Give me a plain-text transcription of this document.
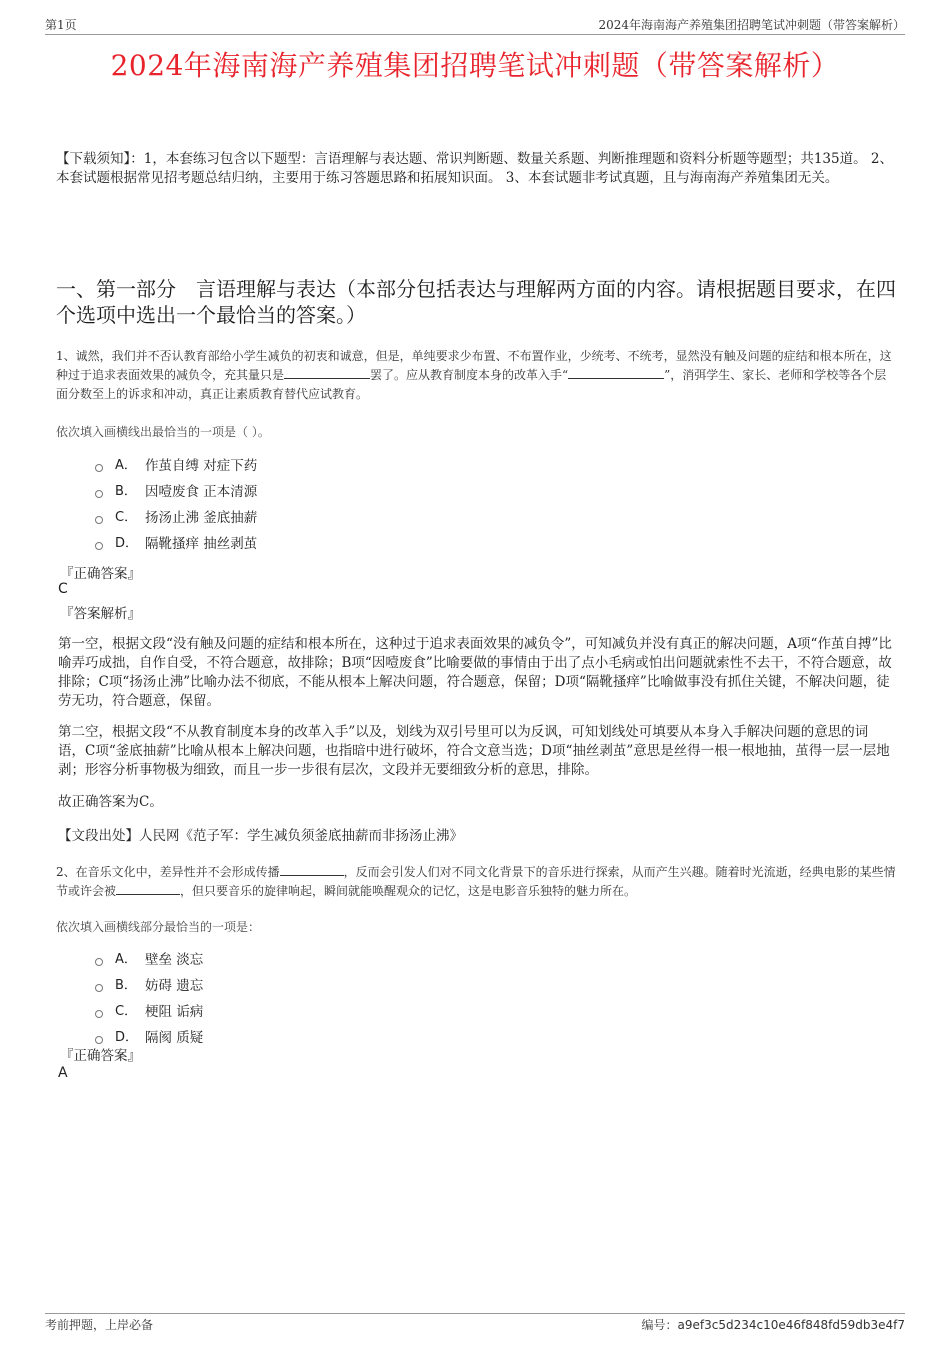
第1页	2024年海南海产养殖集团招聘笔试冲刺题（带答案解析）
2024年海南海产养殖集团招聘笔试冲刺题（带答案解析）
【下载须知】：1，本套练习包含以下题型：言语理解与表达题、常识判断题、数量关系题、判断推理题和资料分析题等题型；共135道。 2、本套试题根据常见招考题总结归纳，主要用于练习答题思路和拓展知识面。 3、本套试题非考试真题，且与海南海产养殖集团无关。
一、第一部分　言语理解与表达（本部分包括表达与理解两方面的内容。请根据题目要求，在四个选项中选出一个最恰当的答案。）
1、诚然，我们并不否认教育部给小学生减负的初衷和诚意，但是，单纯要求少布置、不布置作业，少统考、不统考，显然没有触及问题的症结和根本所在，这种过于追求表面效果的减负令，充其量只是	罢了。应从教育制度本身的改革入手“	”，消弭学生、家长、老师和学校等各个层面分数至上的诉求和冲动，真正让素质教育替代应试教育。
依次填入画横线出最恰当的一项是（ ）。
A． 作茧自缚 对症下药
B． 因噎废食 正本清源
C． 扬汤止沸 釜底抽薪
D． 隔靴搔痒 抽丝剥茧
『正确答案』
C
『答案解析』
第一空，根据文段“没有触及问题的症结和根本所在，这种过于追求表面效果的减负令”，可知减负并没有真正的解决问题，A项“作茧自搏”比喻弄巧成拙，自作自受，不符合题意，故排除；B项“因噎废食”比喻要做的事情由于出了点小毛病或怕出问题就索性不去干，不符合题意，故排除；C项“扬汤止沸”比喻办法不彻底，不能从根本上解决问题，符合题意，保留；D项“隔靴搔痒”比喻做事没有抓住关键，不解决问题，徒劳无功，符合题意，保留。
第二空，根据文段“不从教育制度本身的改革入手”以及，划线为双引号里可以为反讽，可知划线处可填要从本身入手解决问题的意思的词语，C项“釜底抽薪”比喻从根本上解决问题，也指暗中进行破坏，符合文意当选；D项“抽丝剥茧”意思是丝得一根一根地抽，茧得一层一层地剥；形容分析事物极为细致，而且一步一步很有层次，文段并无要细致分析的意思，排除。
故正确答案为C。
【文段出处】人民网《范子军：学生减负须釜底抽薪而非扬汤止沸》
2、在音乐文化中，差异性并不会形成传播	，反而会引发人们对不同文化背景下的音乐进行探索，从而产生兴趣。随着时光流逝，经典电影的某些情节或许会被	，但只要音乐的旋律响起，瞬间就能唤醒观众的记忆，这是电影音乐独特的魅力所在。
依次填入画横线部分最恰当的一项是：
A． 壁垒 淡忘
B． 妨碍 遗忘
C． 梗阻 诟病
D． 隔阂 质疑
『正确答案』
A
考前押题，上岸必备	编号：a9ef3c5d234c10e46f848fd59db3e4f7
